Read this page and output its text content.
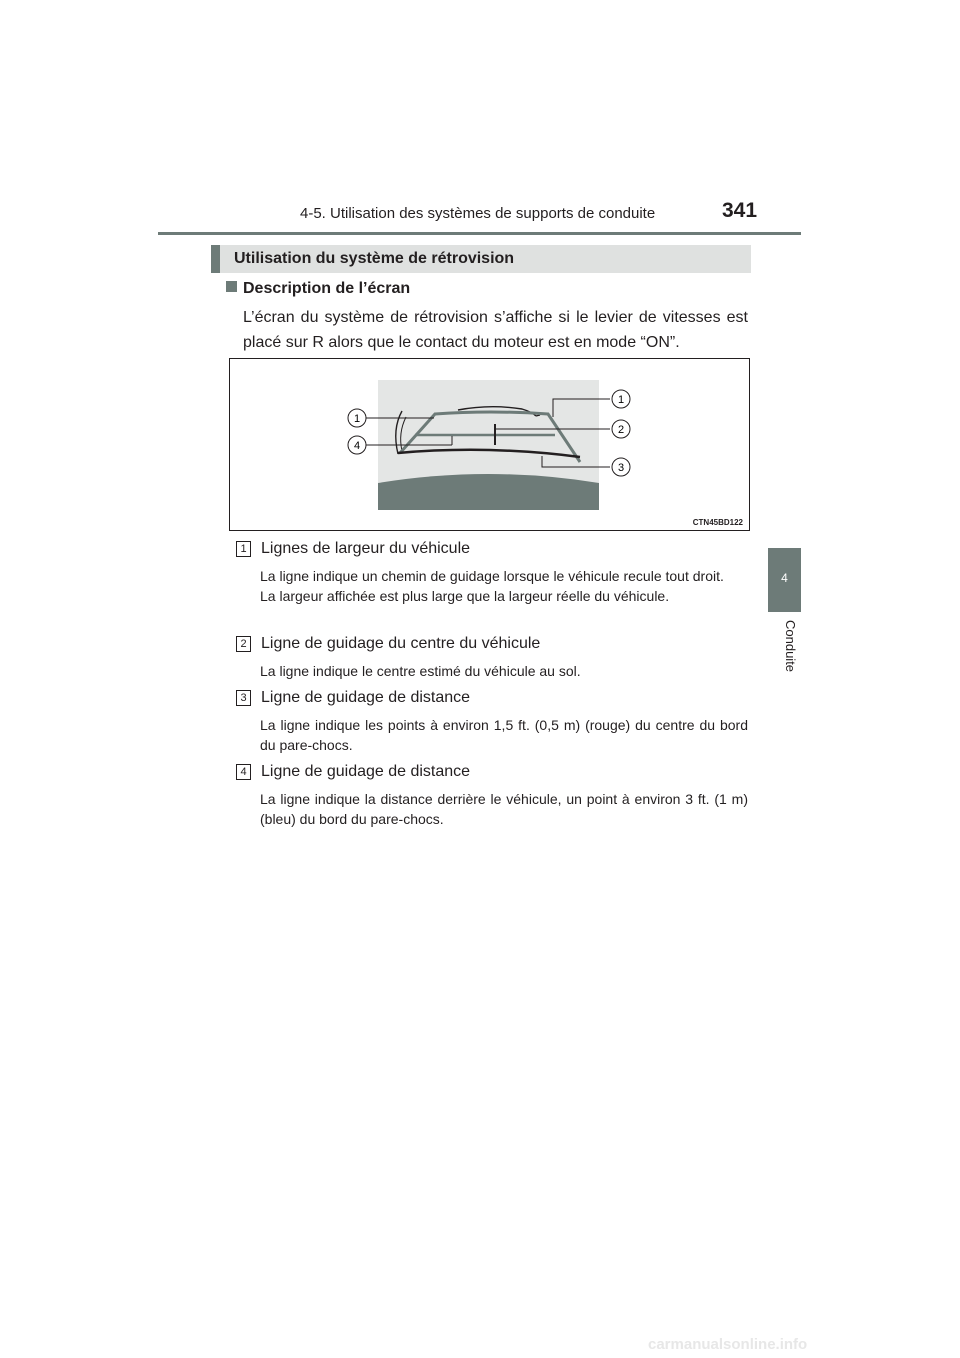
4-5. Utilisation des systèmes de supports de conduite	341
4
Conduite
Utilisation du système de rétrovision
Description de l’écran
L’écran du système de rétrovision s’affiche si le levier de vitesses est placé sur R alors que le contact du moteur est en mode “ON”.
1
4
1
2
3
CTN45BD122
1 Lignes de largeur du véhicule

La ligne indique un chemin de guidage lorsque le véhicule recule tout droit.

La largeur affichée est plus large que la largeur réelle du véhicule.

2 Ligne de guidage du centre du véhicule

La ligne indique le centre estimé du véhicule au sol.

3 Ligne de guidage de distance

La ligne indique les points à environ 1,5 ft. (0,5 m) (rouge) du centre du bord du pare-chocs.

4 Ligne de guidage de distance

La ligne indique la distance derrière le véhicule, un point à environ 3 ft. (1 m) (bleu) du bord du pare-chocs.

carmanualsonline.info
